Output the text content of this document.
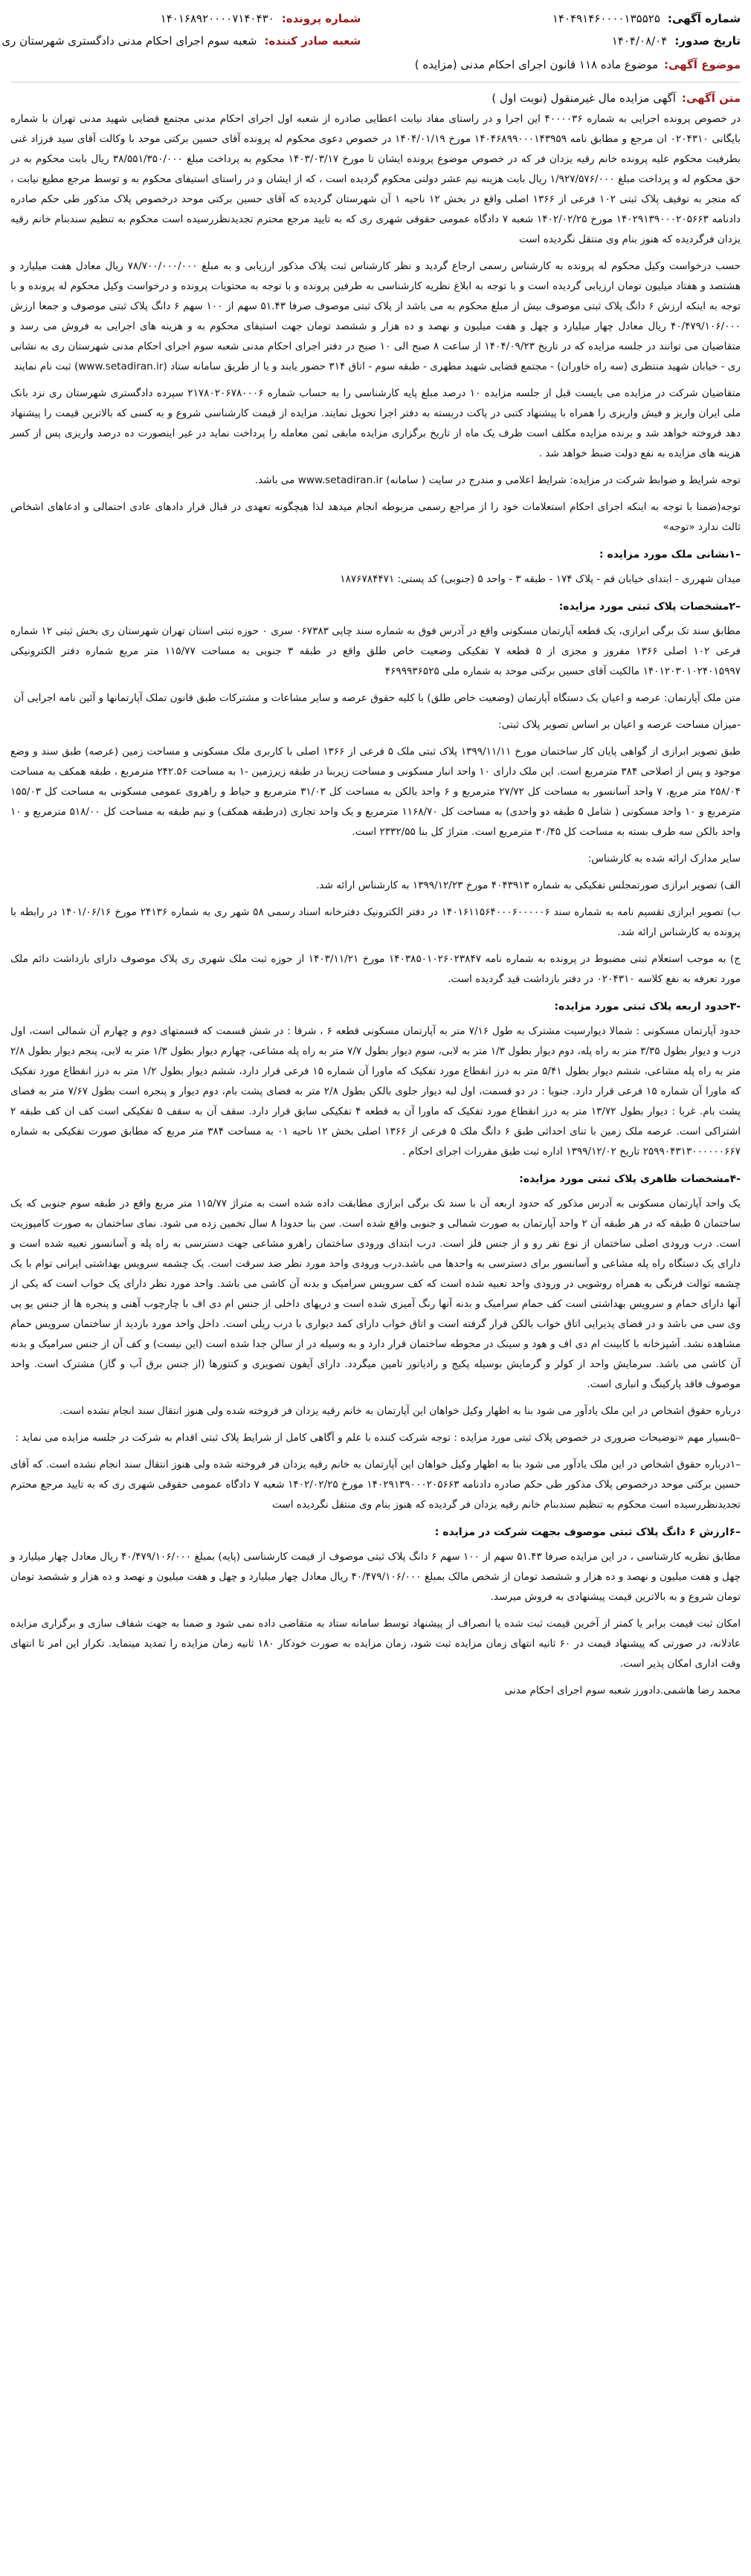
شماره آگهی:
۱۴۰۴۹۱۴۶۰۰۰۰۱۳۵۵۲۵
تاریخ صدور:
۱۴۰۴/۰۸/۰۴
شماره پرونده:
۱۴۰۱۶۸۹۲۰۰۰۰۷۱۴۰۴۳۰
شعبه صادر کننده:
شعبه سوم اجرای احکام مدنی دادگستری شهرستان ری
موضوع آگهی:
موضوع ماده ۱۱۸ قانون اجرای احکام مدنی (مزایده )
متن آگهی:
آگهی مزایده مال غیرمنقول (نوبت اول )

در خصوص پرونده اجرایی به شماره ۴۰۰۰۰۳۶ این اجرا و در راستای مفاد نیابت اعطایی صادره از شعبه اول اجرای احکام مدنی مجتمع قضایی شهید مدنی تهران با شماره بایگانی ۰۲۰۴۳۱۰ ان مرجع و مطابق نامه ۱۴۰۴۶۸۹۹۰۰۰۱۴۳۹۵۹ مورخ ۱۴۰۴/۰۱/۱۹ در خصوص دعوی محکوم له پرونده آقای حسین برکتی موحد با وکالت آقای سید فرزاد غنی بطرفیت محکوم علیه پرونده خانم رقیه یزدان فر که در خصوص موضوع پرونده ایشان تا مورخ ۱۴۰۳/۰۳/۱۷ محکوم به پرداخت مبلغ ۳۸/۵۵۱/۳۵۰/۰۰۰ ریال بابت محکوم به در حق محکوم له و پرداخت مبلغ ۱/۹۲۷/۵۷۶/۰۰۰ ریال بابت هزینه نیم عشر دولتی محکوم گردیده است ، که از ایشان و در راستای استیفای محکوم به و توسط مرجع مطیع نیابت ، که متجر به توقیف پلاک ثبتی ۱۰۲ فرعی از ۱۳۶۶ اصلی واقع در بخش ۱۲ ناحیه ۱ آن شهرستان گردیده که آقای حسین برکتی موحد درخصوص پلاک مذکور طی حکم صادره دادنامه ۱۴۰۲۹۱۳۹۰۰۰۲۰۵۶۶۳ مورخ ۱۴۰۲/۰۲/۲۵ شعبه ۷ دادگاه عمومی حقوقی شهری ری که به تایید مرجع محترم تجدیدنظررسیده است محکوم به تنظیم سندبنام خانم رقیه یزدان فرگردیده که هنوز بنام وی منتقل نگردیده است

حسب درخواست وکیل محکوم له پرونده به کارشناس رسمی ارجاع گردید و نظر کارشناس ثبت پلاک مذکور ارزیابی و به مبلغ ۷۸/۷۰۰/۰۰۰/۰۰۰ ریال معادل هفت میلیارد و هشتصد و هفتاد میلیون تومان ارزیابی گردیده است و با توجه به ابلاغ نظریه کارشناسی به طرفین پرونده و با توجه به محتویات پرونده و درخواست وکیل محکوم له پرونده و با توجه به اینکه ارزش ۶ دانگ پلاک ثبتی موصوف بیش از مبلغ محکوم به می باشد از پلاک ثبتی موصوف صرفا ۵۱.۴۳ سهم از ۱۰۰ سهم ۶ دانگ پلاک ثبتی موصوف و جمعا ارزش ۴۰/۴۷۹/۱۰۶/۰۰۰ ریال معادل چهار میلیارد و چهل و هفت میلیون و نهصد و ده هزار و ششصد تومان جهت استیفای محکوم به و هزینه های اجرایی به فروش می رسد و متقاضیان می توانند در جلسه مزایده که در تاریخ ۱۴۰۴/۰۹/۲۳ از ساعت ۸ صبح الی ۱۰ صبح در دفتر اجرای احکام مدنی شعبه سوم اجرای احکام مدنی شهرستان ری به نشانی ری - خیابان شهید منتظری (سه راه خاوران) - مجتمع قضایی شهید مطهری - طبقه سوم - اتاق ۳۱۴ حضور یابند و یا از طریق سامانه ستاد (www.setadiran.ir) ثبت نام نمایند

متقاضیان شرکت در مزایده می بایست قبل از جلسه مزایده ۱۰ درصد مبلغ پایه کارشناسی را به حساب شماره ۲۱۷۸۰۲۰۶۷۸۰۰۰۶ سپرده دادگستری شهرستان ری نزد بانک ملی ایران واریز و فیش واریزی را همراه با پیشنهاد کتبی در پاکت دربسته به دفتر اجرا تحویل نمایند. مزایده از قیمت کارشناسی شروع و به کسی که بالاترین قیمت را پیشنهاد دهد فروخته خواهد شد و برنده مزایده مکلف است ظرف یک ماه از تاریخ برگزاری مزایده مابقی ثمن معامله را پرداخت نماید در غیر اینصورت ده درصد واریزی پس از کسر هزینه های مزایده به نفع دولت ضبط خواهد شد .

توجه شرایط و ضوابط شرکت در مزایده: شرایط اعلامی و مندرج در سایت ( سامانه) www.setadiran.ir می باشد.

توجه(ضمنا با توجه به اینکه اجرای احکام استعلامات خود را از مراجع رسمی مربوطه انجام میدهد لذا هیچگونه تعهدی در قبال قرار دادهای عادی احتمالی و ادعاهای اشخاص ثالث ندارد «توجه»

–۱نشانی ملک مورد مزایده :

میدان شهرری - ابتدای خیابان قم - پلاک ۱۷۴ - طبقه ۳ - واحد ۵ (جنوبی) کد پستی: ۱۸۷۶۷۸۴۴۷۱

–۲مشخصات پلاک ثبتی مورد مزایده:

مطابق سند تک برگی ابرازی، یک قطعه آپارتمان مسکونی واقع در آدرس فوق به شماره سند چاپی ۰۶۷۳۸۳ سری ۰ حوزه ثبتی استان تهران شهرستان ری بخش ثبتی ۱۲ شماره فرعی ۱۰۲ اصلی ۱۳۶۶ مفروز و مجزی از ۵ قطعه ۷ تفکیکی وضعیت خاص طلق واقع در طبقه ۳ جنوبی به مساحت ۱۱۵/۷۷ متر مربع شماره دفتر الکترونیکی ۱۴۰۱۲۰۳۰۱۰۲۴۰۱۵۹۹۷ مالکیت آقای حسین برکتی موحد به شماره ملی ۴۶۹۹۹۳۶۵۲۵

متن ملک آپارتمان: عرصه و اعیان یک دستگاه آپارتمان (وضعیت خاص طلق) با کلیه حقوق عرصه و سایر مشاعات و مشترکات طبق قانون تملک آپارتمانها و آئین نامه اجرایی آن

-میزان مساحت عرصه و اعیان بر اساس تصویر پلاک ثبتی:

طبق تصویر ابرازی از گواهی پایان کار ساختمان مورخ ۱۳۹۹/۱۱/۱۱ پلاک ثبتی ملک ۵ فرعی از ۱۳۶۶ اصلی با کاربری ملک مسکونی و مساحت زمین (عرصه) طبق سند و وضع موجود و پس از اصلاحی ۳۸۴ مترمربع است. این ملک دارای ۱۰ واحد انبار مسکونی و مساحت زیربنا در طبقه زیرزمین -۱ به مساحت ۲۴۲.۵۶ مترمربع ، طبقه همکف به مساحت ۲۵۸/۰۴ متر مربع، ۷ واحد آسانسور به مساحت کل ۲۷/۷۲ مترمربع و ۶ واحد بالکن به مساحت کل ۳۱/۰۳ مترمربع و حیاط و راهروی عمومی مسکونی به مساحت کل ۱۵۵/۰۳ مترمربع و ۱۰ واحد مسکونی ( شامل ۵ طبقه دو واحدی) به مساحت کل ۱۱۶۸/۷۰ مترمربع و یک واحد تجاری (درطبقه همکف) و نیم طبقه به مساحت کل ۵۱۸/۰۰ مترمربع و ۱۰ واحد بالکن سه طرف بسته به مساحت کل ۳۰/۴۵ مترمربع است. متراژ کل بنا ۲۳۳۲/۵۵ است.

سایر مدارک ارائه شده به کارشناس:

الف) تصویر ابرازی صورتمجلس تفکیکی به شماره ۴۰۴۳۹۱۳ مورخ ۱۳۹۹/۱۲/۲۳ به کارشناس ارائه شد.

ب) تصویر ابرازی تقسیم نامه به شماره سند ۱۴۰۱۶۱۱۵۶۴۰۰۰۶۰۰۰۰۰۶ در دفتر الکترونیک دفترخانه اسناد رسمی ۵۸ شهر ری به شماره ۲۴۱۳۶ مورخ ۱۴۰۱/۰۶/۱۶ در رابطه با پرونده به کارشناس ارائه شد.

ج) به موجب استعلام ثبتی مضبوط در پرونده به شماره نامه ۱۴۰۳۸۵۰۱۰۲۶۰۲۳۸۴۷ مورخ ۱۴۰۳/۱۱/۲۱ از حوزه ثبت ملک شهری ری پلاک موصوف دارای بازداشت دائم ملک مورد تعرفه به نفع کلاسه ۰۲۰۴۳۱۰ در دفتر بازداشت قید گردیده است.

-۳حدود اربعه پلاک ثبتی مورد مزایده:

حدود آپارتمان مسکونی : شمالا دیوارسیت مشترک به طول ۷/۱۶ متر به آپارتمان مسکونی قطعه ۶ ، شرقا : در شش قسمت که قسمتهای دوم و چهارم آن شمالی است، اول درب و دیوار بطول ۳/۳۵ متر به راه پله، دوم دیوار بطول ۱/۳ متر به لابی، سوم دیوار بطول ۷/۷ متر به راه پله مشاعی، چهارم دیوار بطول ۱/۳ متر به لابی، پنجم دیوار بطول ۲/۸ متر به راه پله مشاعی، ششم دیوار بطول ۵/۴۱ متر به درز انقطاع مورد تفکیک که ماورا آن شماره ۱۵ فرعی قرار دارد، ششم دیوار بطول ۱/۲ متر به درز انقطاع مورد تفکیک که ماورا آن شماره ۱۵ فرعی قرار دارد. جنوبا : در دو قسمت، اول لبه دیوار جلوی بالکن بطول ۲/۸ متر به فضای پشت بام، دوم دیوار و پنجره است بطول ۷/۶۷ متر به فضای پشت بام. غربا : دیوار بطول ۱۳/۷۲ متر به درز انقطاع مورد تفکیک که ماورا آن به قطعه ۴ تفکیکی سابق قرار دارد. سقف آن به سقف ۵ تفکیکی است کف ان کف طبقه ۲ اشتراکی است. عرصه ملک زمین با تنای احداثی طبق ۶ دانگ ملک ۵ فرعی از ۱۳۶۶ اصلی بخش ۱۲ ناحیه ۰۱ به مساحت ۳۸۴ متر مربع که مطابق صورت تفکیکی به شماره ۲۵۹۹۰۴۳۱۳۰۰۰۰۰۰۶۶۷ تاریخ ۱۳۹۹/۱۲/۰۲ اداره ثبت طبق مقررات اجرای احکام .

-۴مشخصات ظاهری پلاک ثبتی مورد مزایده:

یک واحد آپارتمان مسکونی به آدرس مذکور که حدود اربعه آن با سند تک برگی ابرازی مطابقت داده شده است به متراژ ۱۱۵/۷۷ متر مربع واقع در طبقه سوم جنوبی که یک ساختمان ۵ طبقه که در هر طبقه آن ۲ واحد آپارتمان به صورت شمالی و جنوبی واقع شده است. سن بنا حدودا ۸ سال تخمین زده می شود. نمای ساختمان به صورت کامپوزیت است. درب ورودی اصلی ساختمان از نوع نفر رو و از جنس فلز است. درب ابتدای ورودی ساختمان راهرو مشاعی جهت دسترسی به راه پله و آسانسور تعبیه شده است و دارای یک دستگاه راه پله مشاعی و آسانسور برای دسترسی به واحدها می باشد.درب ورودی واحد مورد نظر ضد سرقت است. یک چشمه سرویس بهداشتی ایرانی توام با یک چشمه توالت فرنگی به همراه روشویی در ورودی واحد تعبیه شده است که کف سرویس سرامیک و بدنه آن کاشی می باشد. واحد مورد نظر دارای یک خواب است که یکی از آنها دارای حمام و سرویس بهداشتی است کف حمام سرامیک و بدنه آنها رنگ آمیزی شده است و دریهای داخلی از جنس ام دی اف با چارچوب آهنی و پنجره ها از جنس یو پی وی سی می باشد و در فضای پذیرایی اتاق خواب بالکن قرار گرفته است و اتاق خواب دارای کمد دیواری با درب ریلی است. داخل واحد مورد بازدید از ساختمان سرویس حمام مشاهده نشد. آشپزخانه با کابینت ام دی اف و هود و سینک در محوطه ساختمان قرار دارد و به وسیله در از سالن جدا شده است (این نیست) و کف آن از جنس سرامیک و بدنه آن کاشی می باشد. سرمایش واحد از کولر و گرمایش بوسیله پکیج و رادیاتور تامین میگردد. دارای آیفون تصویری و کنتورها (از جنس برق آب و گاز) مشترک است. واحد موصوف فاقد پارکینگ و انباری است.

درباره حقوق اشخاص در این ملک یادآور می شود بنا به اظهار وکیل خواهان این آپارتمان به خانم رقیه یزدان فر فروخته شده ولی هنوز انتقال سند انجام نشده است.

–۵بسیار مهم «توضیحات ضروری در خصوص پلاک ثبتی مورد مزایده : توجه شرکت کننده با علم و آگاهی کامل از شرایط پلاک ثبتی اقدام به شرکت در جلسه مزایده می نماید :

–۱درباره حقوق اشخاص در این ملک یادآور می شود بنا به اظهار وکیل خواهان این آپارتمان به خانم رقیه یزدان فر فروخته شده ولی هنوز انتقال سند انجام نشده است. که آقای حسین برکتی موحد درخصوص پلاک مذکور طی حکم صادره دادنامه ۱۴۰۲۹۱۳۹۰۰۰۲۰۵۶۶۳ مورخ ۱۴۰۲/۰۲/۲۵ شعبه ۷ دادگاه عمومی حقوقی شهری ری که به تایید مرجع محترم تجدیدنظررسیده است محکوم به تنظیم سندبنام خانم رقیه یزدان فر گردیده که هنوز بنام وی منتقل نگردیده است

–۶ارزش ۶ دانگ پلاک ثبتی موصوف بجهت شرکت در مزایده :

مطابق نظریه کارشناسی ، در این مزایده صرفا ۵۱.۴۳ سهم از ۱۰۰ سهم ۶ دانگ پلاک ثبتی موصوف از قیمت کارشناسی (پایه) بمبلغ ۴۰/۴۷۹/۱۰۶/۰۰۰ ریال معادل چهار میلیارد و چهل و هفت میلیون و نهصد و ده هزار و ششصد تومان از شخص مالک بمبلغ ۴۰/۴۷۹/۱۰۶/۰۰۰ ریال معادل چهار میلیارد و چهل و هفت میلیون و نهصد و ده هزار و ششصد تومان تومان شروع و به بالاترین قیمت پیشنهادی به فروش میرسد.

امکان ثبت قیمت برابر یا کمتر از آخرین قیمت ثبت شده یا انصراف از پیشنهاد توسط سامانه ستاد به متقاضی داده نمی شود و ضمنا به جهت شفاف سازی و برگزاری مزایده عادلانه، در صورتی که پیشنهاد قیمت در ۶۰ ثانیه انتهای زمان مزایده ثبت شود، زمان مزایده به صورت خودکار ۱۸۰ ثانیه زمان مزایده را تمدید مینماید. تکرار این امر تا انتهای وقت اداری امکان پذیر است.

محمد رضا هاشمی.دادورز شعبه سوم اجرای احکام مدنی
